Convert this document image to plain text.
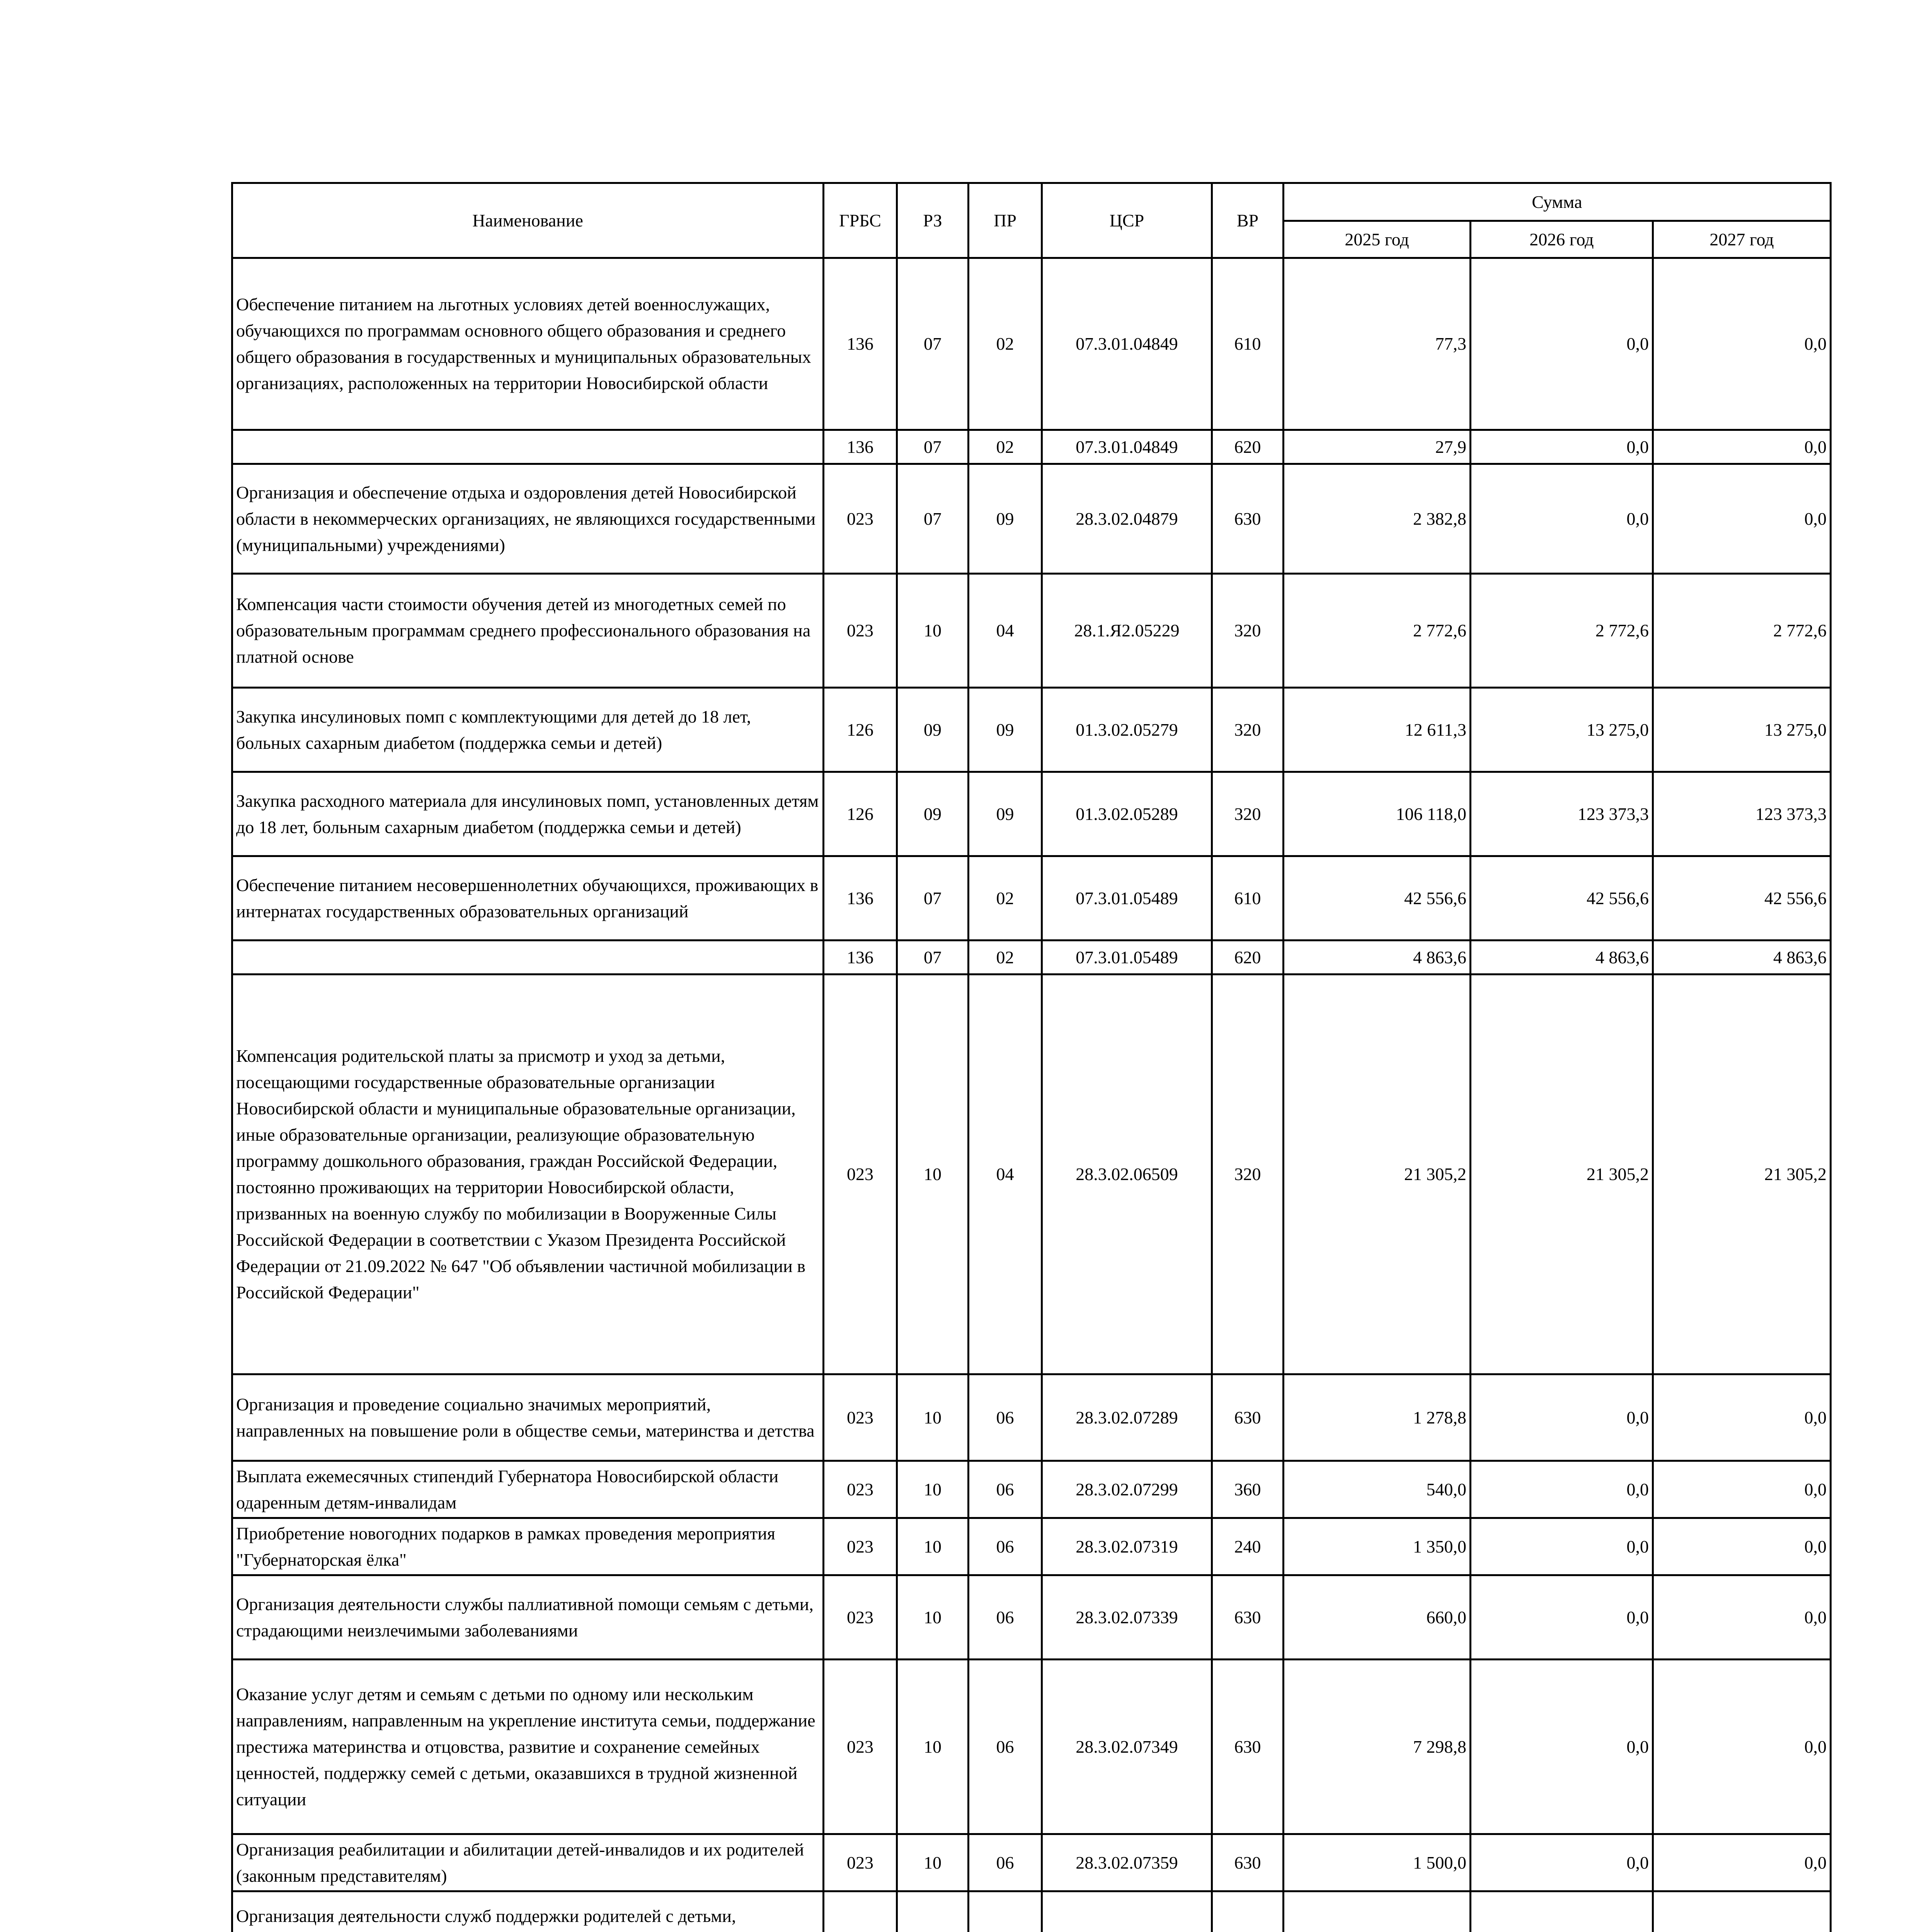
Наименование	ГРБС	РЗ	ПР	ЦСР	ВР	Сумма		
						2025 год	2026 год	2027 год
Обеспечение питанием на льготных условиях детей военнослужащих, обучающихся по программам основного общего образования и среднего общего образования в государственных и муниципальных образовательных организациях, расположенных на территории Новосибирской области	136	07	02	07.3.01.04849	610	77,3	0,0	0,0
	136	07	02	07.3.01.04849	620	27,9	0,0	0,0
Организация и обеспечение отдыха и оздоровления детей Новосибирской области в некоммерческих организациях, не являющихся государственными (муниципальными) учреждениями)	023	07	09	28.3.02.04879	630	2 382,8	0,0	0,0
Компенсация части стоимости обучения детей из многодетных семей по образовательным программам среднего профессионального образования на платной основе	023	10	04	28.1.Я2.05229	320	2 772,6	2 772,6	2 772,6
Закупка инсулиновых помп с комплектующими для детей до 18 лет, больных сахарным диабетом (поддержка семьи и детей)	126	09	09	01.3.02.05279	320	12 611,3	13 275,0	13 275,0
Закупка расходного материала для инсулиновых помп, установленных детям до 18 лет, больным сахарным диабетом (поддержка семьи и детей)	126	09	09	01.3.02.05289	320	106 118,0	123 373,3	123 373,3
Обеспечение питанием несовершеннолетних обучающихся, проживающих в интернатах государственных образовательных организаций	136	07	02	07.3.01.05489	610	42 556,6	42 556,6	42 556,6
	136	07	02	07.3.01.05489	620	4 863,6	4 863,6	4 863,6
Компенсация родительской платы за присмотр и уход за детьми, посещающими государственные образовательные организации Новосибирской области и муниципальные образовательные организации, иные образовательные организации, реализующие образовательную программу дошкольного образования, граждан Российской Федерации, постоянно проживающих на территории Новосибирской области, призванных на военную службу по мобилизации в Вооруженные Силы Российской Федерации в соответствии с Указом Президента Российской Федерации от 21.09.2022 № 647 "Об объявлении частичной мобилизации в Российской Федерации"	023	10	04	28.3.02.06509	320	21 305,2	21 305,2	21 305,2
Организация и проведение социально значимых мероприятий, направленных на повышение роли в обществе семьи, материнства и детства	023	10	06	28.3.02.07289	630	1 278,8	0,0	0,0
Выплата ежемесячных стипендий Губернатора Новосибирской области одаренным детям-инвалидам	023	10	06	28.3.02.07299	360	540,0	0,0	0,0
Приобретение новогодних подарков в рамках проведения мероприятия "Губернаторская ёлка"	023	10	06	28.3.02.07319	240	1 350,0	0,0	0,0
Организация деятельности службы паллиативной помощи семьям с детьми, страдающими неизлечимыми заболеваниями	023	10	06	28.3.02.07339	630	660,0	0,0	0,0
Оказание услуг детям и семьям с детьми по одному или нескольким направлениям, направленным на укрепление института семьи, поддержание престижа материнства и отцовства, развитие и сохранение семейных ценностей, поддержку семей с детьми, оказавшихся в трудной жизненной ситуации	023	10	06	28.3.02.07349	630	7 298,8	0,0	0,0
Организация реабилитации и абилитации детей-инвалидов и их родителей (законным представителям)	023	10	06	28.3.02.07359	630	1 500,0	0,0	0,0
Организация деятельности служб поддержки родителей с детьми,								
